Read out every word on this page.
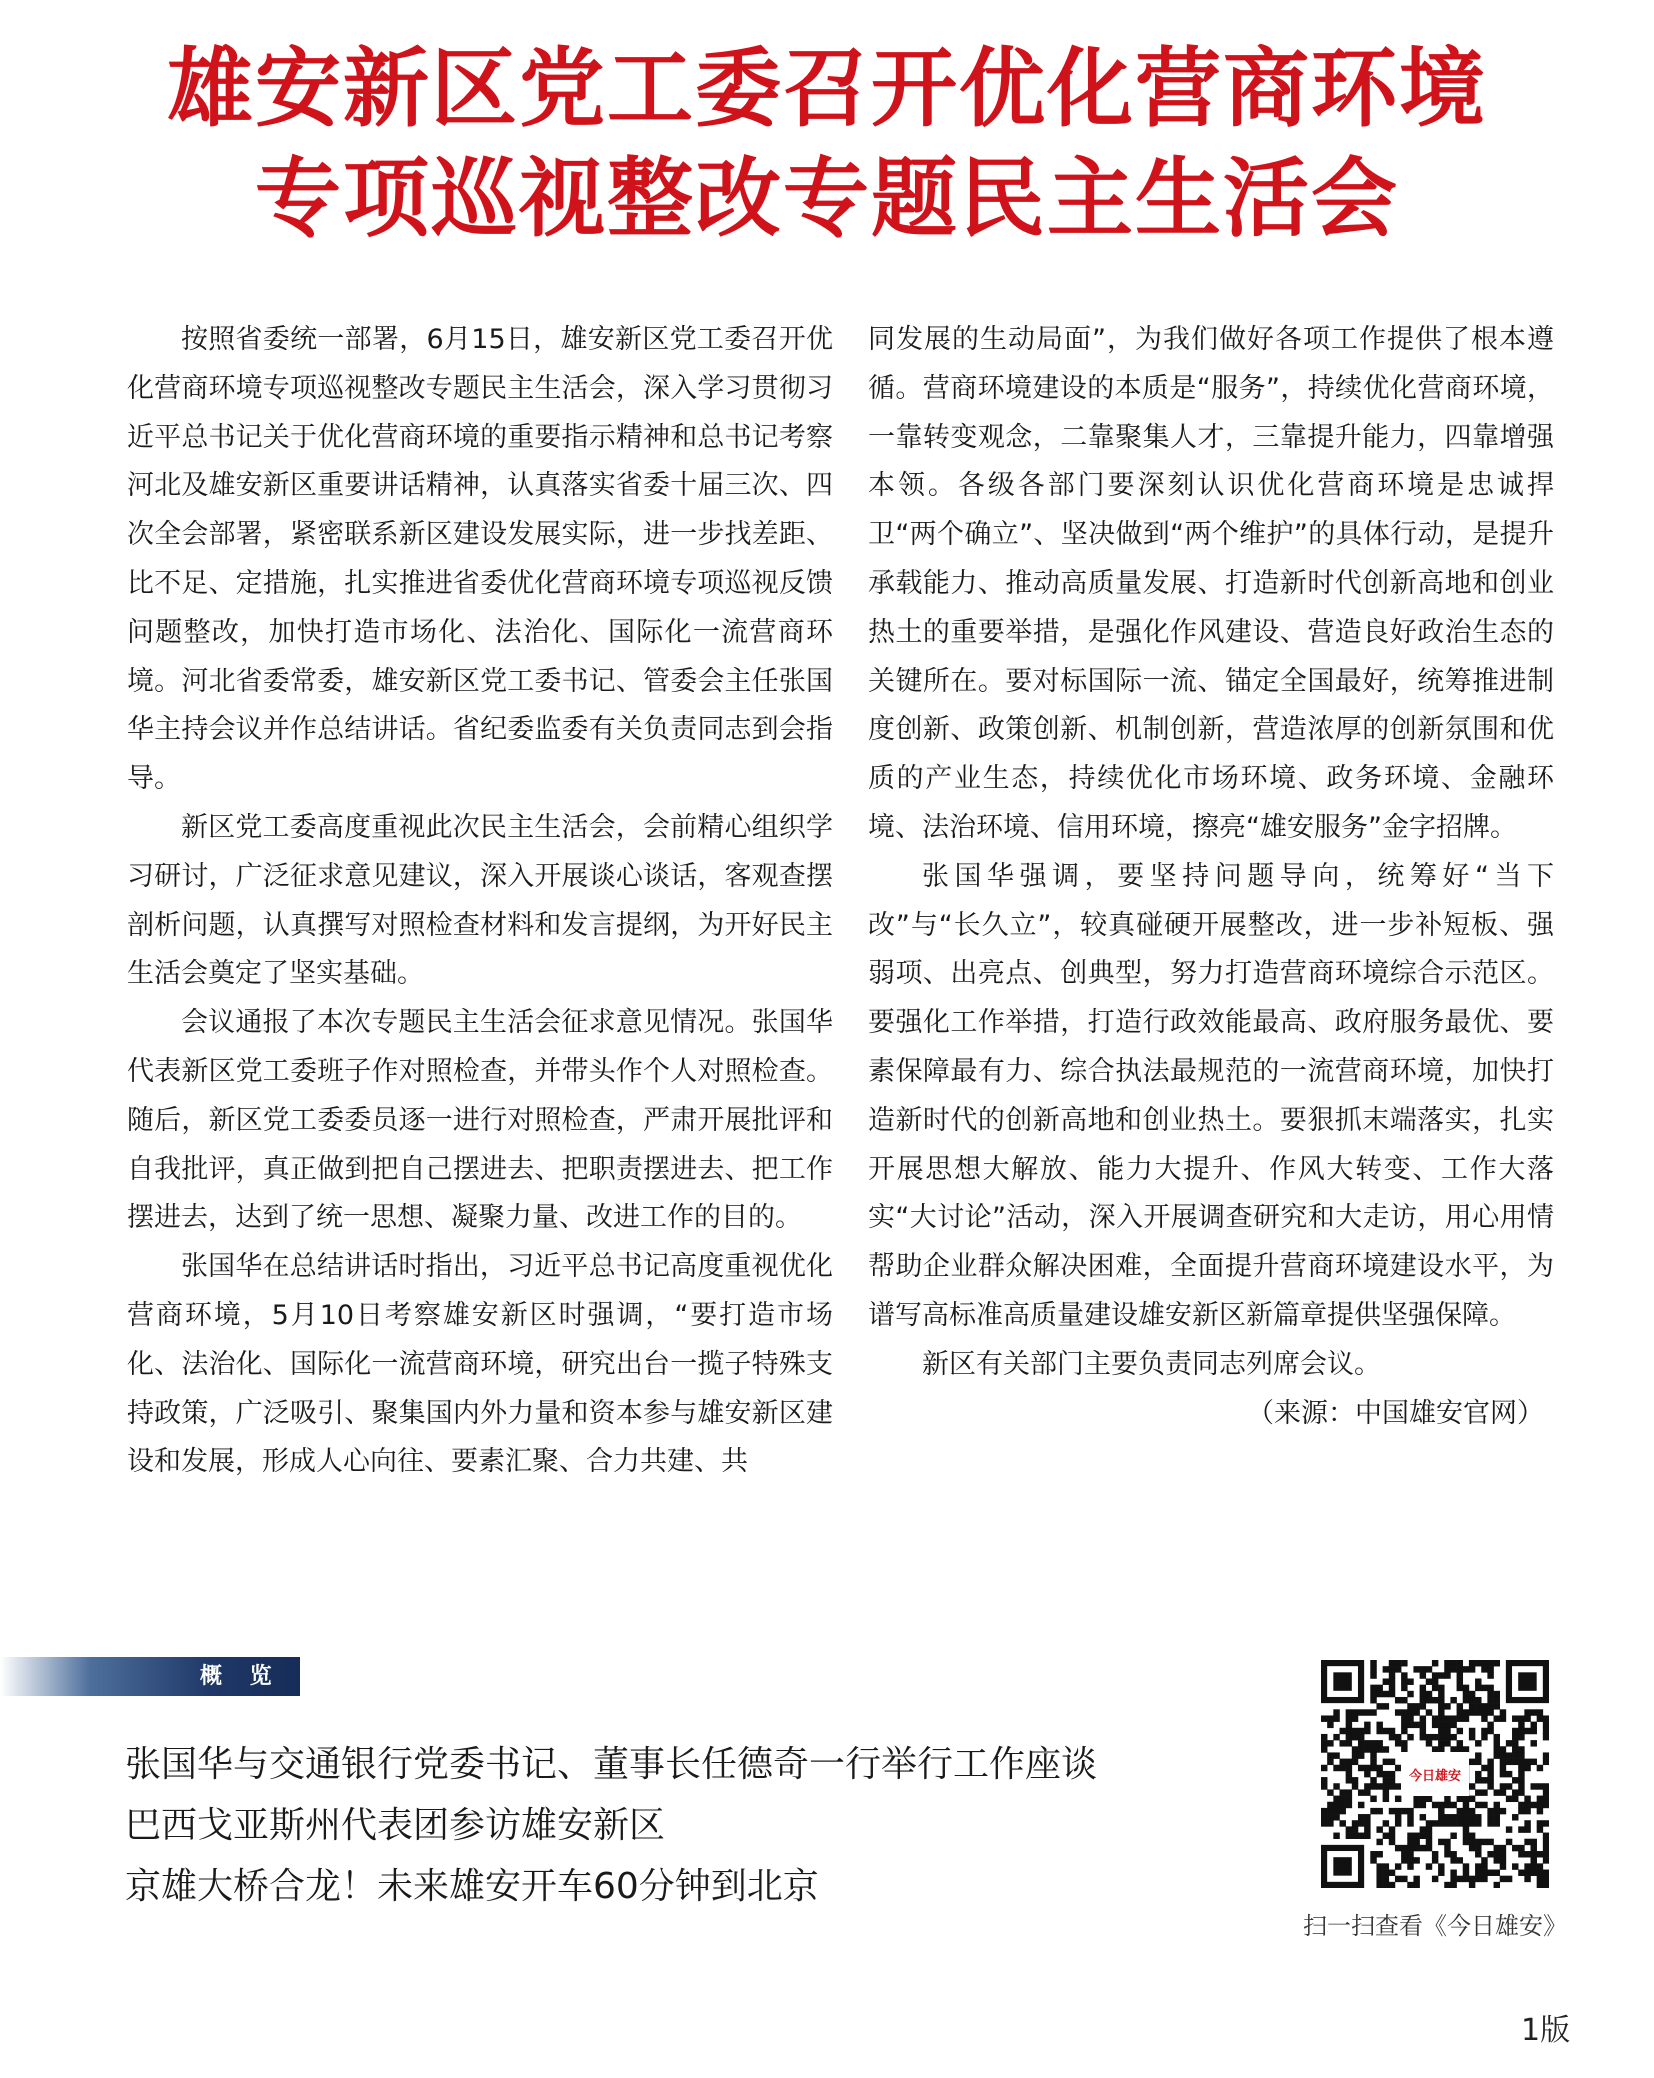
雄安新区党工委召开优化营商环境
专项巡视整改专题民主生活会

按照省委统一部署，6月15日，雄安新区党工委召开优化营商环境专项巡视整改专题民主生活会，深入学习贯彻习近平总书记关于优化营商环境的重要指示精神和总书记考察河北及雄安新区重要讲话精神，认真落实省委十届三次、四次全会部署，紧密联系新区建设发展实际，进一步找差距、比不足、定措施，扎实推进省委优化营商环境专项巡视反馈问题整改，加快打造市场化、法治化、国际化一流营商环境。河北省委常委，雄安新区党工委书记、管委会主任张国华主持会议并作总结讲话。省纪委监委有关负责同志到会指导。

新区党工委高度重视此次民主生活会，会前精心组织学习研讨，广泛征求意见建议，深入开展谈心谈话，客观查摆剖析问题，认真撰写对照检查材料和发言提纲，为开好民主生活会奠定了坚实基础。

会议通报了本次专题民主生活会征求意见情况。张国华代表新区党工委班子作对照检查，并带头作个人对照检查。随后，新区党工委委员逐一进行对照检查，严肃开展批评和自我批评，真正做到把自己摆进去、把职责摆进去、把工作摆进去，达到了统一思想、凝聚力量、改进工作的目的。

张国华在总结讲话时指出，习近平总书记高度重视优化营商环境，5月10日考察雄安新区时强调，“要打造市场化、法治化、国际化一流营商环境，研究出台一揽子特殊支持政策，广泛吸引、聚集国内外力量和资本参与雄安新区建设和发展，形成人心向往、要素汇聚、合力共建、共

同发展的生动局面”，为我们做好各项工作提供了根本遵循。营商环境建设的本质是“服务”，持续优化营商环境，一靠转变观念，二靠聚集人才，三靠提升能力，四靠增强本领。各级各部门要深刻认识优化营商环境是忠诚捍卫“两个确立”、坚决做到“两个维护”的具体行动，是提升承载能力、推动高质量发展、打造新时代创新高地和创业热土的重要举措，是强化作风建设、营造良好政治生态的关键所在。要对标国际一流、锚定全国最好，统筹推进制度创新、政策创新、机制创新，营造浓厚的创新氛围和优质的产业生态，持续优化市场环境、政务环境、金融环境、法治环境、信用环境，擦亮“雄安服务”金字招牌。

张国华强调，要坚持问题导向，统筹好“当下改”与“长久立”，较真碰硬开展整改，进一步补短板、强弱项、出亮点、创典型，努力打造营商环境综合示范区。要强化工作举措，打造行政效能最高、政府服务最优、要素保障最有力、综合执法最规范的一流营商环境，加快打造新时代的创新高地和创业热土。要狠抓末端落实，扎实开展思想大解放、能力大提升、作风大转变、工作大落实“大讨论”活动，深入开展调查研究和大走访，用心用情帮助企业群众解决困难，全面提升营商环境建设水平，为谱写高标准高质量建设雄安新区新篇章提供坚强保障。

新区有关部门主要负责同志列席会议。

（来源：中国雄安官网）

概 览
张国华与交通银行党委书记、董事长任德奇一行举行工作座谈
巴西戈亚斯州代表团参访雄安新区
京雄大桥合龙！未来雄安开车60分钟到北京
今日雄安
扫一扫查看《今日雄安》
1版
